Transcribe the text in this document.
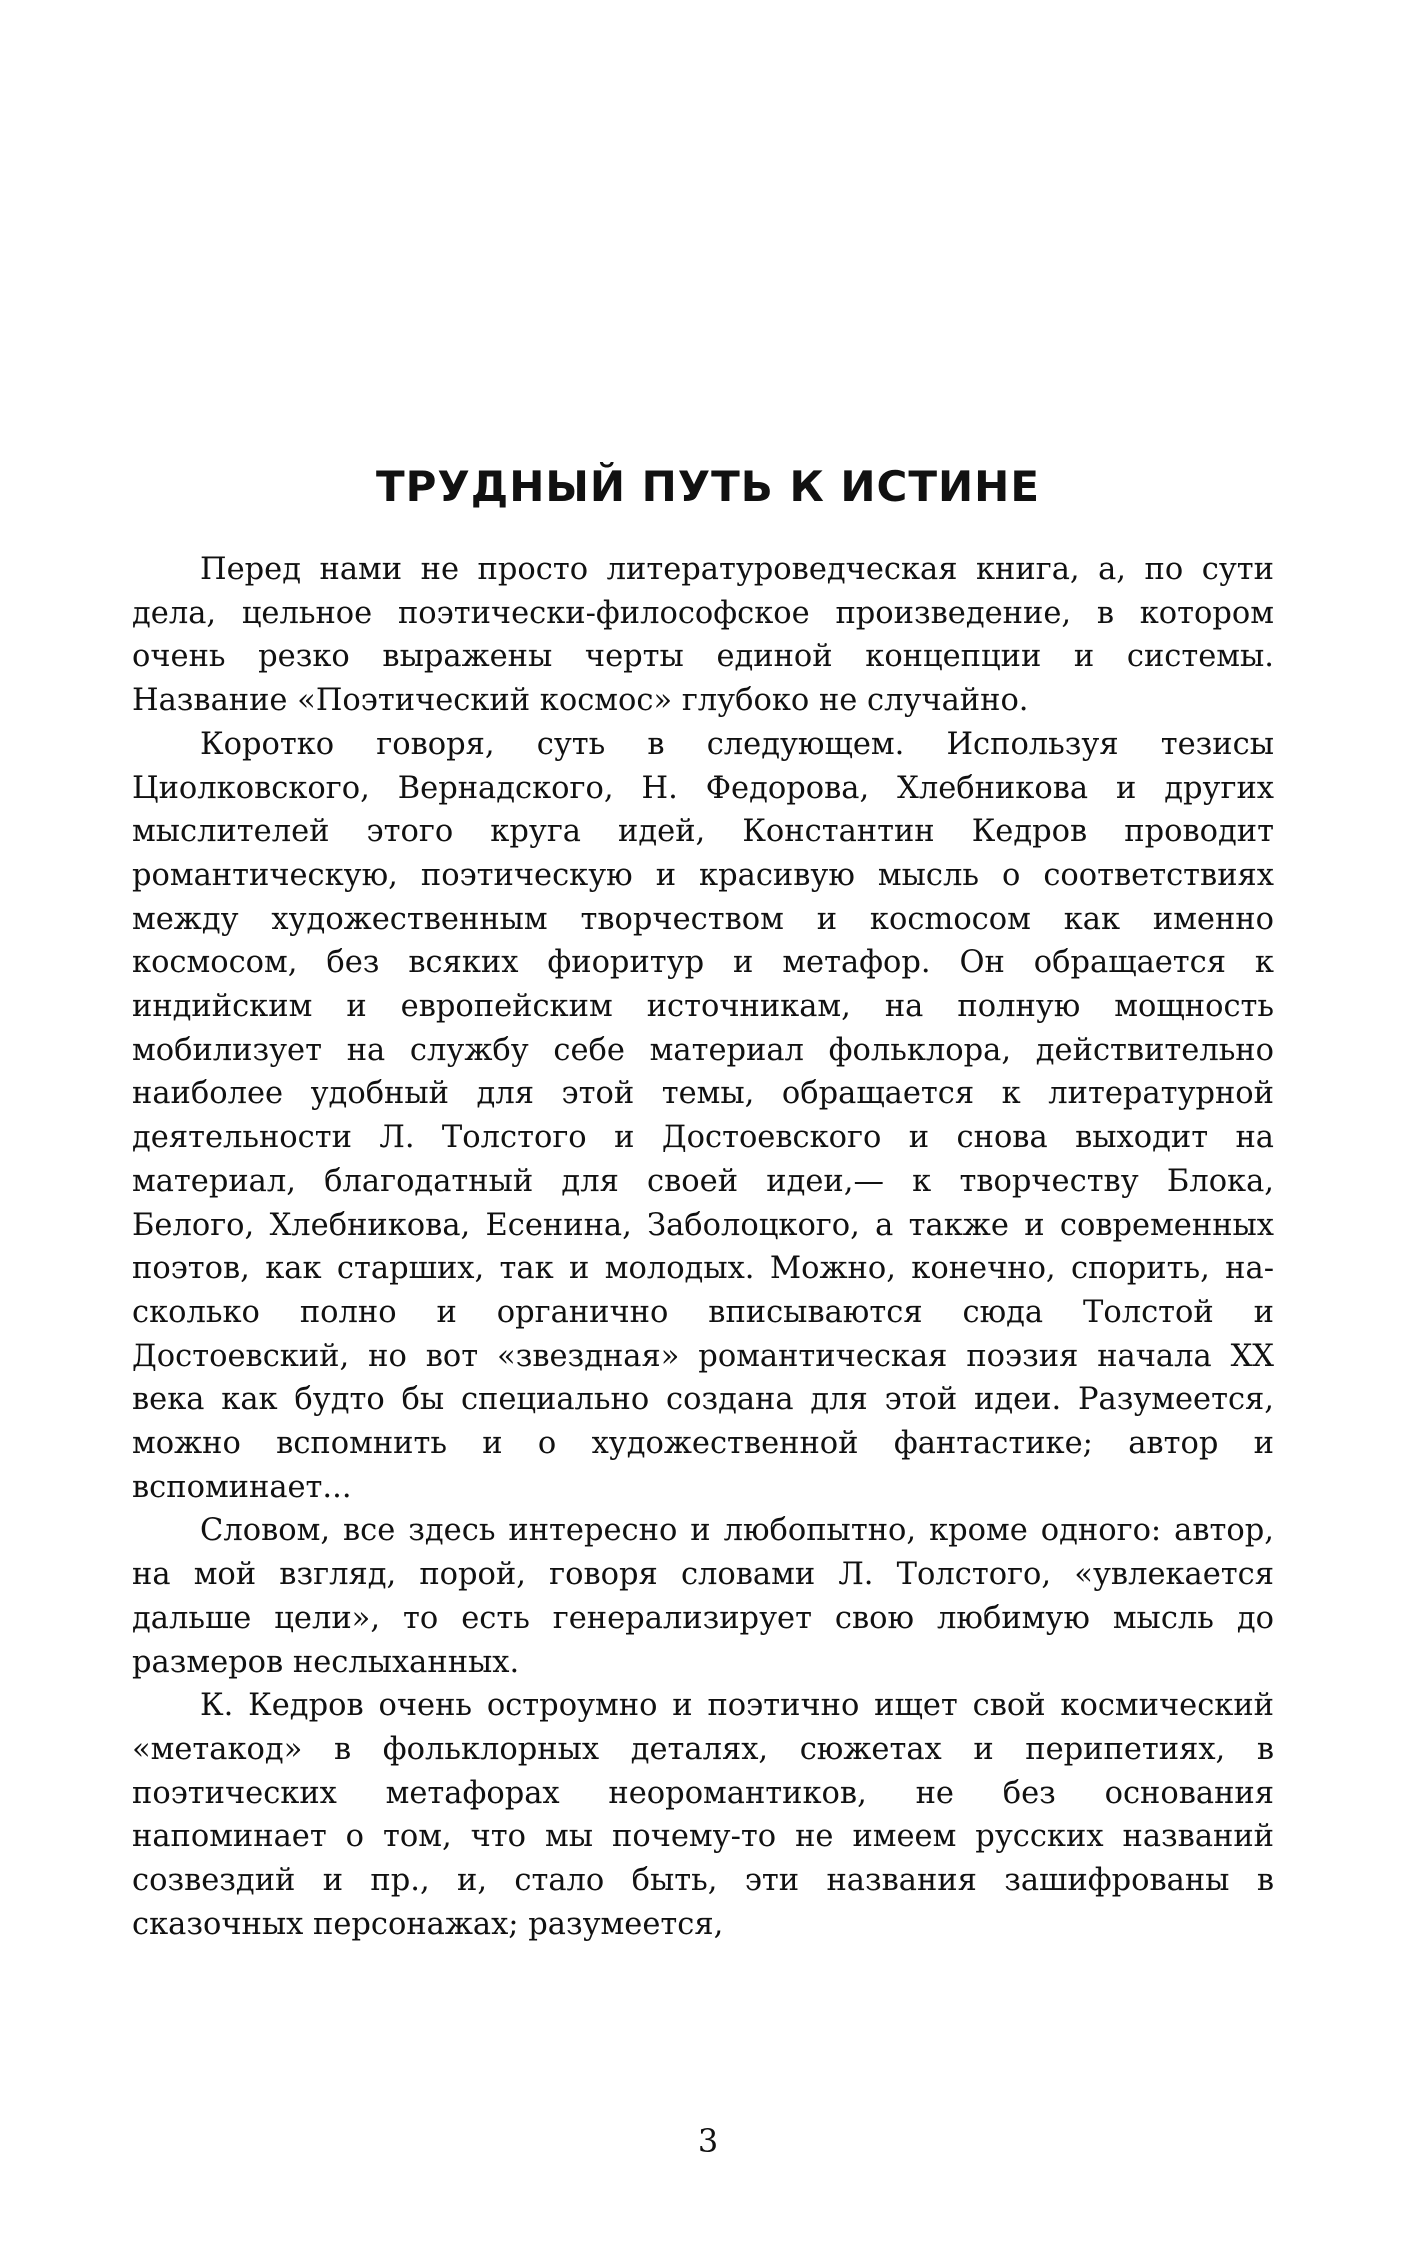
ТРУДНЫЙ ПУТЬ К ИСТИНЕ

Перед нами не просто литературоведческая книга, а, по сути дела, цельное поэтически-философское произведение, в котором очень резко выражены черты единой концепции и системы. Название «Поэтический космос» глубоко не случайно.

Коротко говоря, суть в следующем. Используя тезисы Циолковского, Вернадского, Н. Федорова, Хлебникова и других мыслителей этого круга идей, Константин Кедров проводит романтическую, поэтическую и красивую мысль о соответствиях между художественным творчеством и косmосом как именно космосом, без всяких фиоритур и метафор. Он обращается к индийским и европейским источникам, на полную мощность мобилизует на службу себе материал фольклора, действительно наиболее удобный для этой темы, обращается к литературной деятельности Л. Толстого и Достоевского и снова выходит на материал, благодатный для своей идеи,— к творчеству Блока, Белого, Хлебникова, Есенина, Заболоцкого, а также и современных поэтов, как старших, так и молодых. Можно, конечно, спорить, насколько полно и органично вписываются сюда Толстой и Достоевский, но вот «звездная» романтическая поэзия начала XX века как будто бы специально создана для этой идеи. Разумеется, можно вспомнить и о художественной фантастике; автор и вспоминает...

Словом, все здесь интересно и любопытно, кроме одного: автор, на мой взгляд, порой, говоря словами Л. Толстого, «увлекается дальше цели», то есть генерализирует свою любимую мысль до размеров неслыханных.

К. Кедров очень остроумно и поэтично ищет свой космический «метакод» в фольклорных деталях, сюжетах и перипетиях, в поэтических метафорах неоромантиков, не без основания напоминает о том, что мы почему-то не имеем русских названий созвездий и пр., и, стало быть, эти названия зашифрованы в сказочных персонажах; разумеется,

3
